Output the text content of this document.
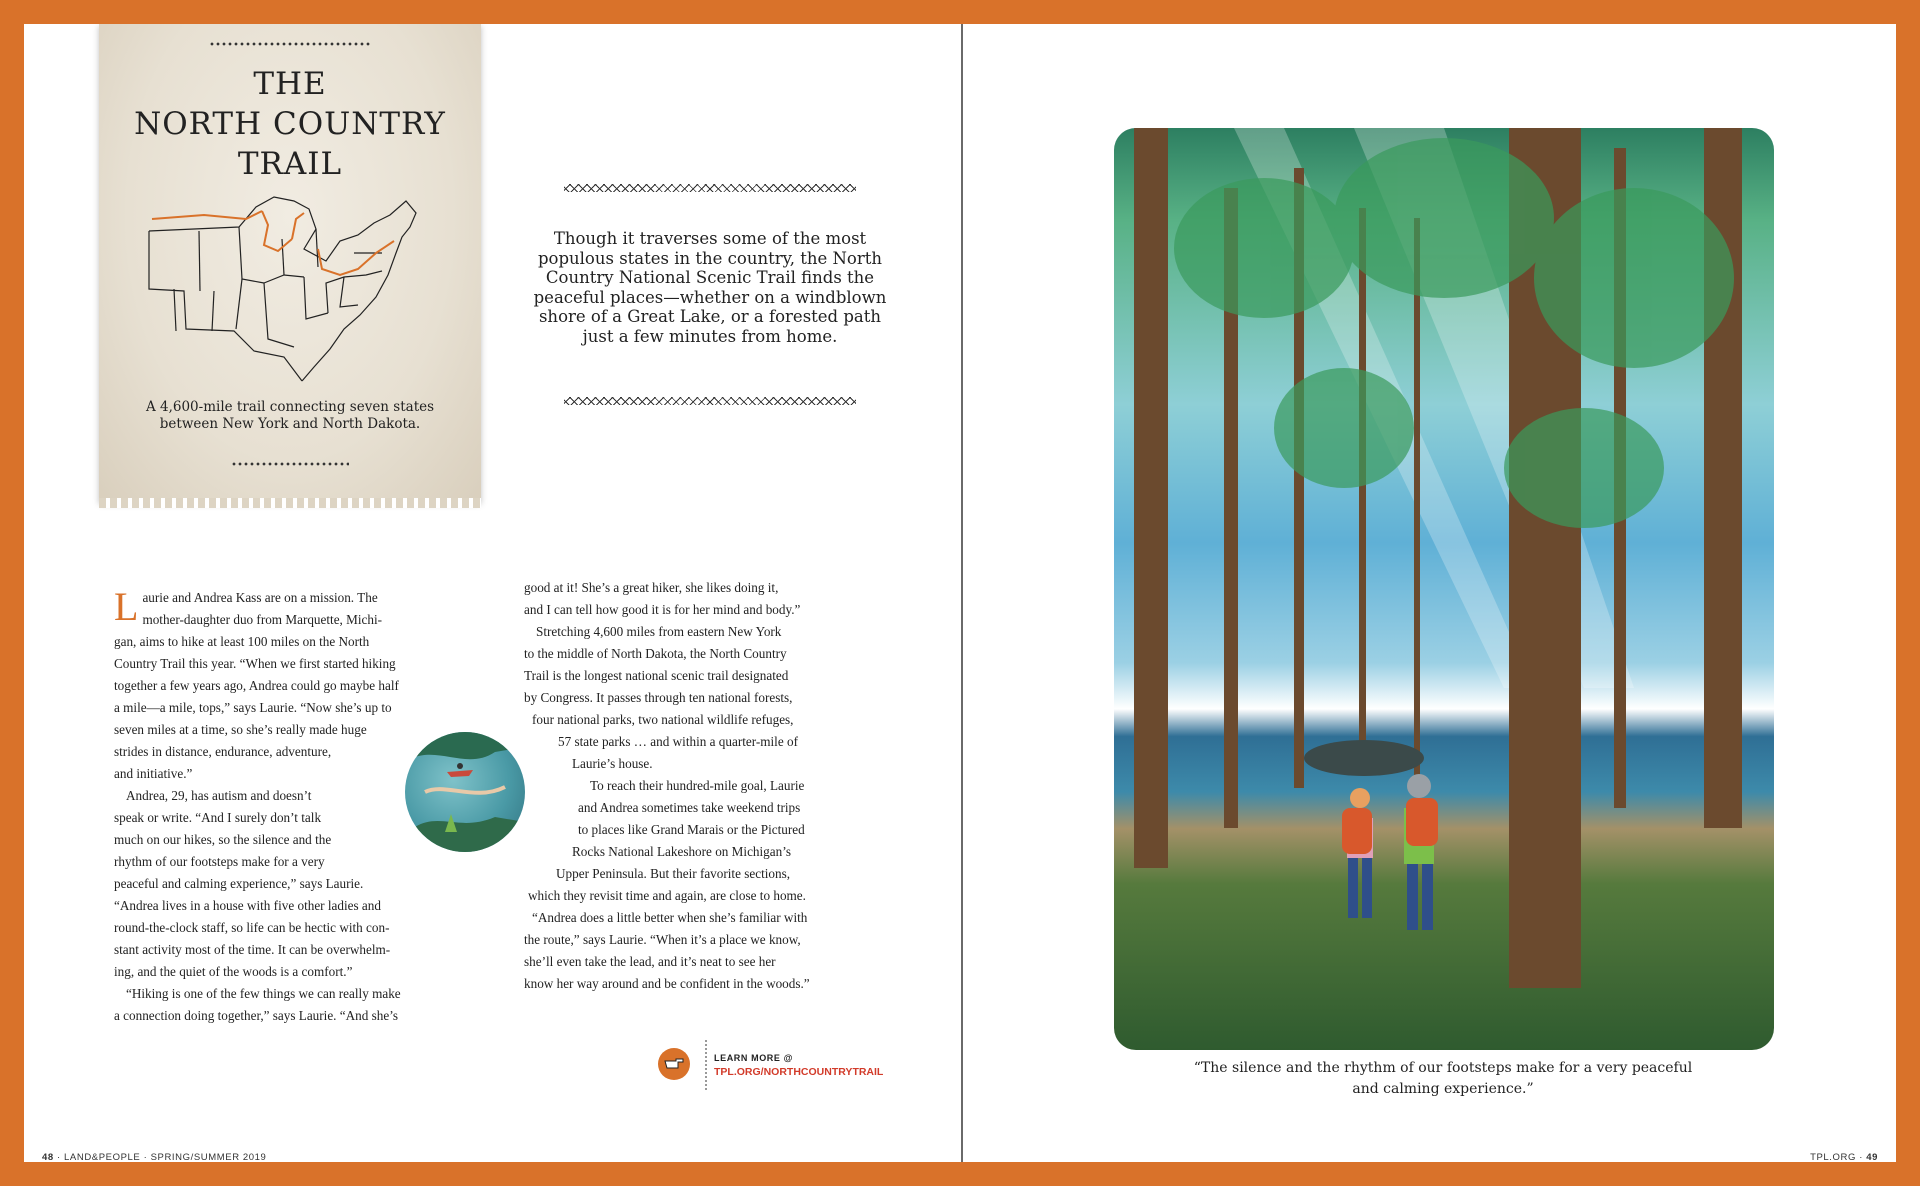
THE
NORTH COUNTRY
TRAIL
A 4,600-mile trail connecting seven states between New York and North Dakota.
Though it traverses some of the most populous states in the country, the North Country National Scenic Trail finds the peaceful places—whether on a windblown shore of a Great Lake, or a forested path just a few minutes from home.
L aurie and Andrea Kass are on a mission. The
mother-daughter duo from Marquette, Michi-
gan, aims to hike at least 100 miles on the North
Country Trail this year. “When we first started hiking
together a few years ago, Andrea could go maybe half
a mile—a mile, tops,” says Laurie. “Now she’s up to
seven miles at a time, so she’s really made huge
strides in distance, endurance, adventure,
and initiative.”
Andrea, 29, has autism and doesn’t
speak or write. “And I surely don’t talk
much on our hikes, so the silence and the
rhythm of our footsteps make for a very
peaceful and calming experience,” says Laurie.
“Andrea lives in a house with five other ladies and
round-the-clock staff, so life can be hectic with con-
stant activity most of the time. It can be overwhelm-
ing, and the quiet of the woods is a comfort.”
“Hiking is one of the few things we can really make
a connection doing together,” says Laurie. “And she’s
good at it! She’s a great hiker, she likes doing it,
and I can tell how good it is for her mind and body.”
Stretching 4,600 miles from eastern New York
to the middle of North Dakota, the North Country
Trail is the longest national scenic trail designated
by Congress. It passes through ten national forests,
four national parks, two national wildlife refuges,
57 state parks … and within a quarter-mile of
Laurie’s house.
To reach their hundred-mile goal, Laurie
and Andrea sometimes take weekend trips
to places like Grand Marais or the Pictured
Rocks National Lakeshore on Michigan’s
Upper Peninsula. But their favorite sections,
which they revisit time and again, are close to home.
“Andrea does a little better when she’s familiar with
the route,” says Laurie. “When it’s a place we know,
she’ll even take the lead, and it’s neat to see her
know her way around and be confident in the woods.”
LEARN MORE @
TPL.ORG/NORTHCOUNTRYTRAIL
48 · LAND&PEOPLE · SPRING/SUMMER 2019
“The silence and the rhythm of our footsteps make for a very peaceful and calming experience.”
TPL.ORG · 49
